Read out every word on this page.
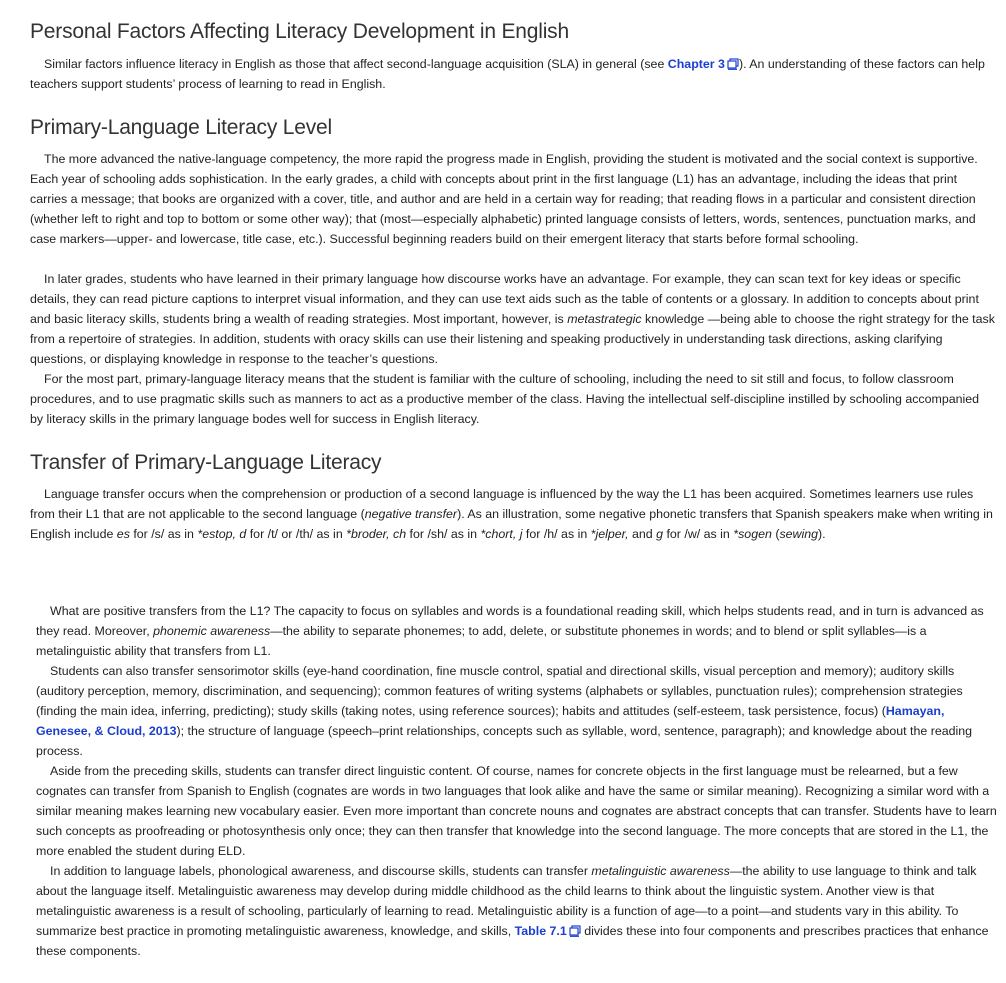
Personal Factors Affecting Literacy Development in English

Similar factors influence literacy in English as those that affect second-language acquisition (SLA) in general (see Chapter 3 ). An understanding of these factors can help teachers support students’ process of learning to read in English.

Primary-Language Literacy Level

The more advanced the native-language competency, the more rapid the progress made in English, providing the student is motivated and the social context is supportive. Each year of schooling adds sophistication. In the early grades, a child with concepts about print in the first language (L1) has an advantage, including the ideas that print carries a message; that books are organized with a cover, title, and author and are held in a certain way for reading; that reading flows in a particular and consistent direction (whether left to right and top to bottom or some other way); that (most—especially alphabetic) printed language consists of letters, words, sentences, punctuation marks, and case markers—upper- and lowercase, title case, etc.). Successful beginning readers build on their emergent literacy that starts before formal schooling.

In later grades, students who have learned in their primary language how discourse works have an advantage. For example, they can scan text for key ideas or specific details, they can read picture captions to interpret visual information, and they can use text aids such as the table of contents or a glossary. In addition to concepts about print and basic literacy skills, students bring a wealth of reading strategies. Most important, however, is metastrategic knowledge —being able to choose the right strategy for the task from a repertoire of strategies. In addition, students with oracy skills can use their listening and speaking productively in understanding task directions, asking clarifying questions, or displaying knowledge in response to the teacher’s questions.

For the most part, primary-language literacy means that the student is familiar with the culture of schooling, including the need to sit still and focus, to follow classroom procedures, and to use pragmatic skills such as manners to act as a productive member of the class. Having the intellectual self-discipline instilled by schooling accompanied by literacy skills in the primary language bodes well for success in English literacy.

Transfer of Primary-Language Literacy

Language transfer occurs when the comprehension or production of a second language is influenced by the way the L1 has been acquired. Sometimes learners use rules from their L1 that are not applicable to the second language (negative transfer). As an illustration, some negative phonetic transfers that Spanish speakers make when writing in English include es for /s/ as in *estop, d for /t/ or /th/ as in *broder, ch for /sh/ as in *chort, j for /h/ as in *jelper, and g for /w/ as in *sogen (sewing).

What are positive transfers from the L1? The capacity to focus on syllables and words is a foundational reading skill, which helps students read, and in turn is advanced as they read. Moreover, phonemic awareness—the ability to separate phonemes; to add, delete, or substitute phonemes in words; and to blend or split syllables—is a metalinguistic ability that transfers from L1.

Students can also transfer sensorimotor skills (eye-hand coordination, fine muscle control, spatial and directional skills, visual perception and memory); auditory skills (auditory perception, memory, discrimination, and sequencing); common features of writing systems (alphabets or syllables, punctuation rules); comprehension strategies (finding the main idea, inferring, predicting); study skills (taking notes, using reference sources); habits and attitudes (self-esteem, task persistence, focus) (Hamayan, Genesee, & Cloud, 2013); the structure of language (speech–print relationships, concepts such as syllable, word, sentence, paragraph); and knowledge about the reading process.

Aside from the preceding skills, students can transfer direct linguistic content. Of course, names for concrete objects in the first language must be relearned, but a few cognates can transfer from Spanish to English (cognates are words in two languages that look alike and have the same or similar meaning). Recognizing a similar word with a similar meaning makes learning new vocabulary easier. Even more important than concrete nouns and cognates are abstract concepts that can transfer. Students have to learn such concepts as proofreading or photosynthesis only once; they can then transfer that knowledge into the second language. The more concepts that are stored in the L1, the more enabled the student during ELD.

In addition to language labels, phonological awareness, and discourse skills, students can transfer metalinguistic awareness—the ability to use language to think and talk about the language itself. Metalinguistic awareness may develop during middle childhood as the child learns to think about the linguistic system. Another view is that metalinguistic awareness is a result of schooling, particularly of learning to read. Metalinguistic ability is a function of age—to a point—and students vary in this ability. To summarize best practice in promoting metalinguistic awareness, knowledge, and skills, Table 7.1 divides these into four components and prescribes practices that enhance these components.
